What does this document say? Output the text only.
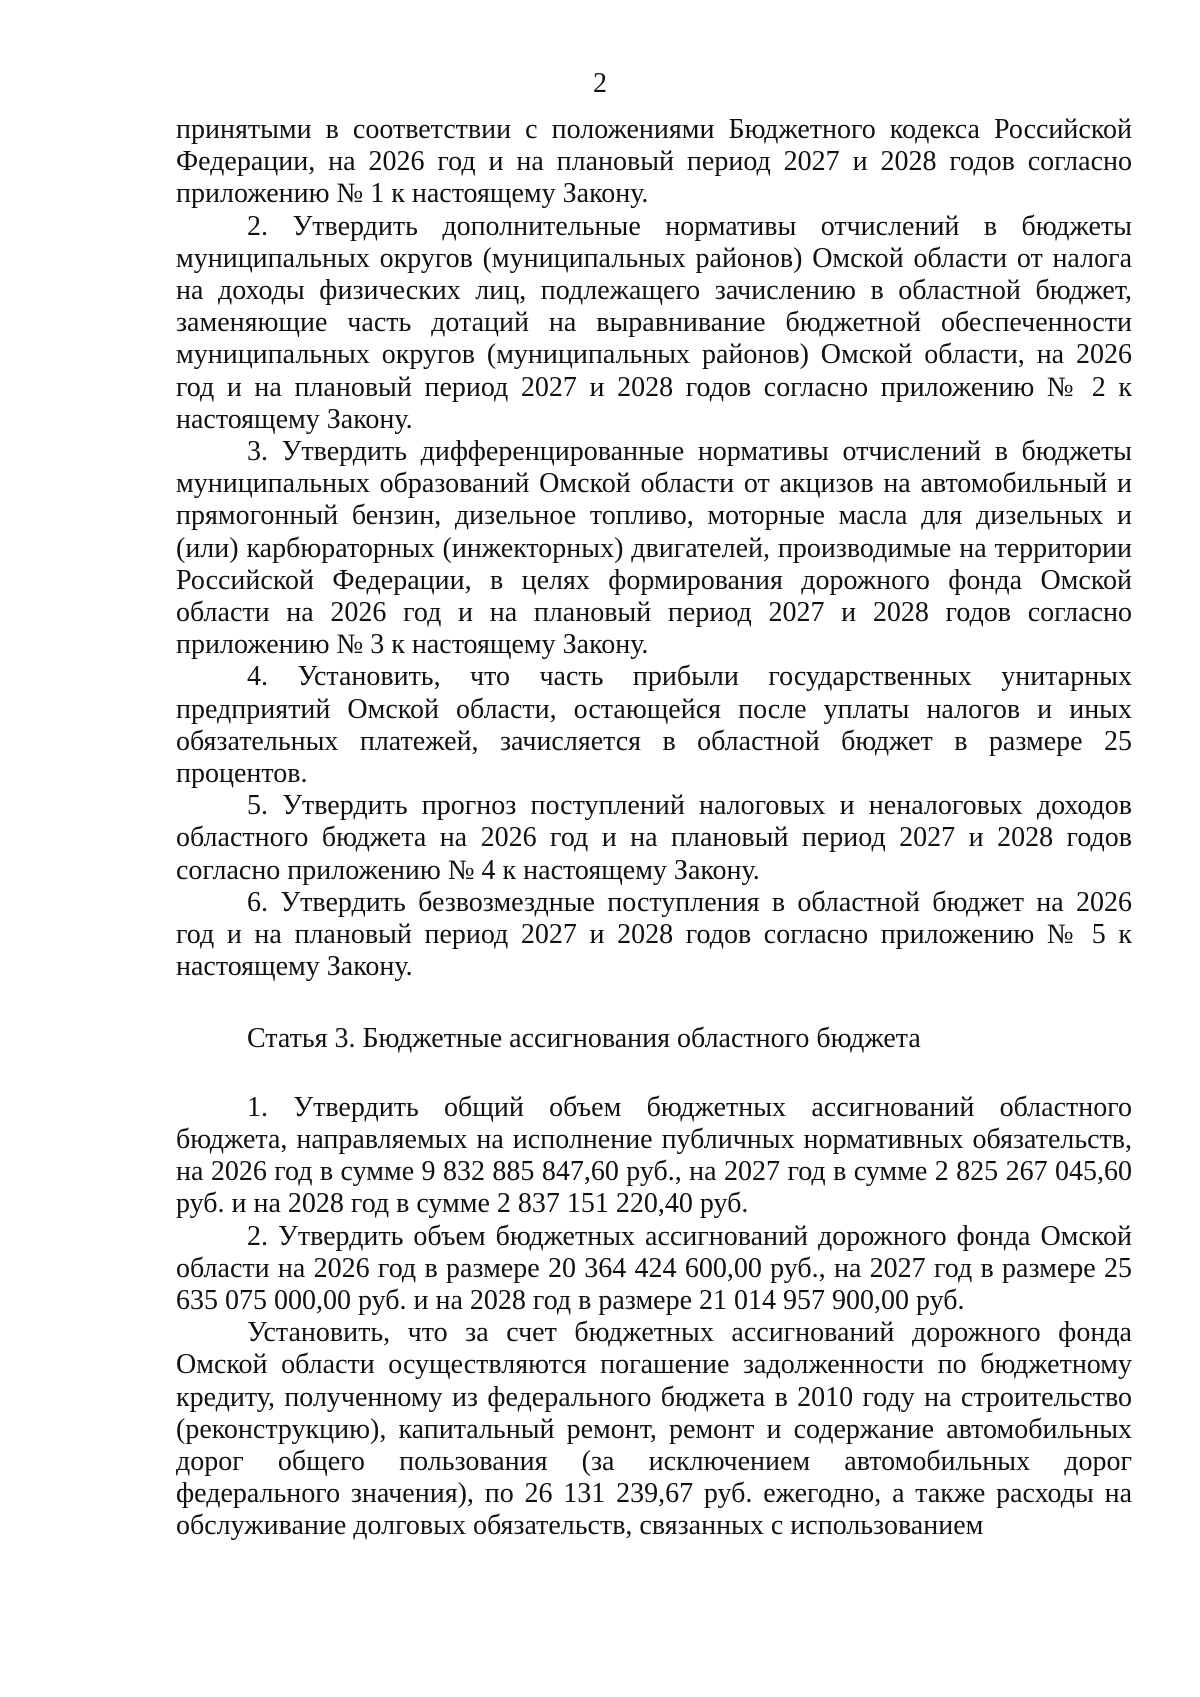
2

принятыми в соответствии с положениями Бюджетного кодекса Российской Федерации, на 2026 год и на плановый период 2027 и 2028 годов согласно приложению № 1 к настоящему Закону.

2. Утвердить дополнительные нормативы отчислений в бюджеты муниципальных округов (муниципальных районов) Омской области от налога на доходы физических лиц, подлежащего зачислению в областной бюджет, заменяющие часть дотаций на выравнивание бюджетной обеспеченности муниципальных округов (муниципальных районов) Омской области, на 2026 год и на плановый период 2027 и 2028 годов согласно приложению № 2 к настоящему Закону.

3. Утвердить дифференцированные нормативы отчислений в бюджеты муниципальных образований Омской области от акцизов на автомобильный и прямогонный бензин, дизельное топливо, моторные масла для дизельных и (или) карбюраторных (инжекторных) двигателей, производимые на территории Российской Федерации, в целях формирования дорожного фонда Омской области на 2026 год и на плановый период 2027 и 2028 годов согласно приложению № 3 к настоящему Закону.

4. Установить, что часть прибыли государственных унитарных предприятий Омской области, остающейся после уплаты налогов и иных обязательных платежей, зачисляется в областной бюджет в размере 25 процентов.

5. Утвердить прогноз поступлений налоговых и неналоговых доходов областного бюджета на 2026 год и на плановый период 2027 и 2028 годов согласно приложению № 4 к настоящему Закону.

6. Утвердить безвозмездные поступления в областной бюджет на 2026 год и на плановый период 2027 и 2028 годов согласно приложению № 5 к настоящему Закону.

Статья 3. Бюджетные ассигнования областного бюджета

1. Утвердить общий объем бюджетных ассигнований областного бюджета, направляемых на исполнение публичных нормативных обязательств, на 2026 год в сумме 9 832 885 847,60 руб., на 2027 год в сумме 2 825 267 045,60 руб. и на 2028 год в сумме 2 837 151 220,40 руб.

2. Утвердить объем бюджетных ассигнований дорожного фонда Омской области на 2026 год в размере 20 364 424 600,00 руб., на 2027 год в размере 25 635 075 000,00 руб. и на 2028 год в размере 21 014 957 900,00 руб.

Установить, что за счет бюджетных ассигнований дорожного фонда Омской области осуществляются погашение задолженности по бюджетному кредиту, полученному из федерального бюджета в 2010 году на строительство (реконструкцию), капитальный ремонт, ремонт и содержание автомобильных дорог общего пользования (за исключением автомобильных дорог федерального значения), по 26 131 239,67 руб. ежегодно, а также расходы на обслуживание долговых обязательств, связанных с использованием
